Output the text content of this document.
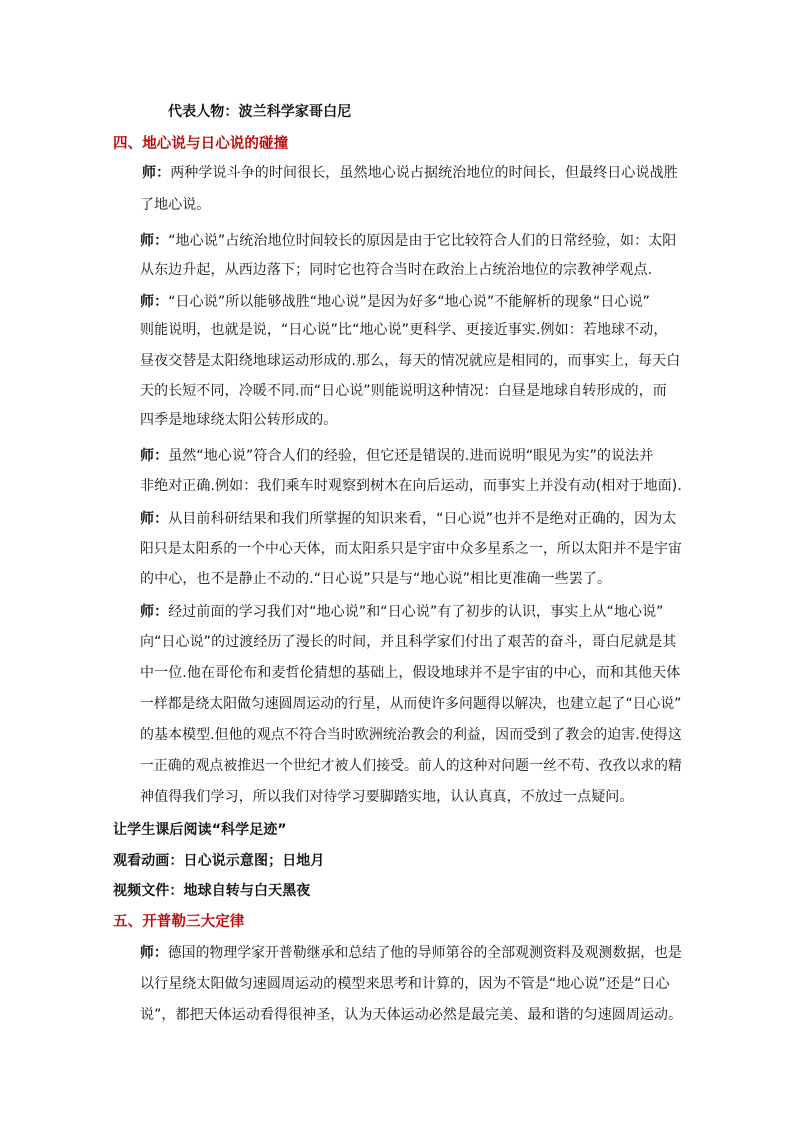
代表人物：波兰科学家哥白尼
四、地心说与日心说的碰撞
师：两种学说斗争的时间很长，虽然地心说占据统治地位的时间长，但最终日心说战胜
了地心说。
师：“地心说”占统治地位时间较长的原因是由于它比较符合人们的日常经验，如：太阳
从东边升起，从西边落下；同时它也符合当时在政治上占统治地位的宗教神学观点.
师：“日心说”所以能够战胜“地心说”是因为好多“地心说”不能解析的现象“日心说”
则能说明，也就是说，“日心说”比“地心说”更科学、更接近事实.例如：若地球不动，
昼夜交替是太阳绕地球运动形成的.那么，每天的情况就应是相同的，而事实上，每天白
天的长短不同，冷暖不同.而“日心说”则能说明这种情况：白昼是地球自转形成的，而
四季是地球绕太阳公转形成的。
师：虽然“地心说”符合人们的经验，但它还是错误的.进而说明“眼见为实”的说法并
非绝对正确.例如：我们乘车时观察到树木在向后运动，而事实上并没有动(相对于地面).
师：从目前科研结果和我们所掌握的知识来看，“日心说”也并不是绝对正确的，因为太
阳只是太阳系的一个中心天体，而太阳系只是宇宙中众多星系之一，所以太阳并不是宇宙
的中心，也不是静止不动的.“日心说”只是与“地心说”相比更准确一些罢了。
师：经过前面的学习我们对“地心说”和“日心说”有了初步的认识，事实上从“地心说”
向“日心说”的过渡经历了漫长的时间，并且科学家们付出了艰苦的奋斗，哥白尼就是其
中一位.他在哥伦布和麦哲伦猜想的基础上，假设地球并不是宇宙的中心，而和其他天体
一样都是绕太阳做匀速圆周运动的行星，从而使许多问题得以解决，也建立起了“日心说”
的基本模型.但他的观点不符合当时欧洲统治教会的利益，因而受到了教会的迫害.使得这
一正确的观点被推迟一个世纪才被人们接受。前人的这种对问题一丝不苟、孜孜以求的精
神值得我们学习，所以我们对待学习要脚踏实地，认认真真，不放过一点疑问。
让学生课后阅读“科学足迹”
观看动画：日心说示意图；日地月
视频文件：地球自转与白天黑夜
五、开普勒三大定律
师：德国的物理学家开普勒继承和总结了他的导师第谷的全部观测资料及观测数据，也是
以行星绕太阳做匀速圆周运动的模型来思考和计算的，因为不管是“地心说”还是“日心
说”，都把天体运动看得很神圣，认为天体运动必然是最完美、最和谐的匀速圆周运动。
